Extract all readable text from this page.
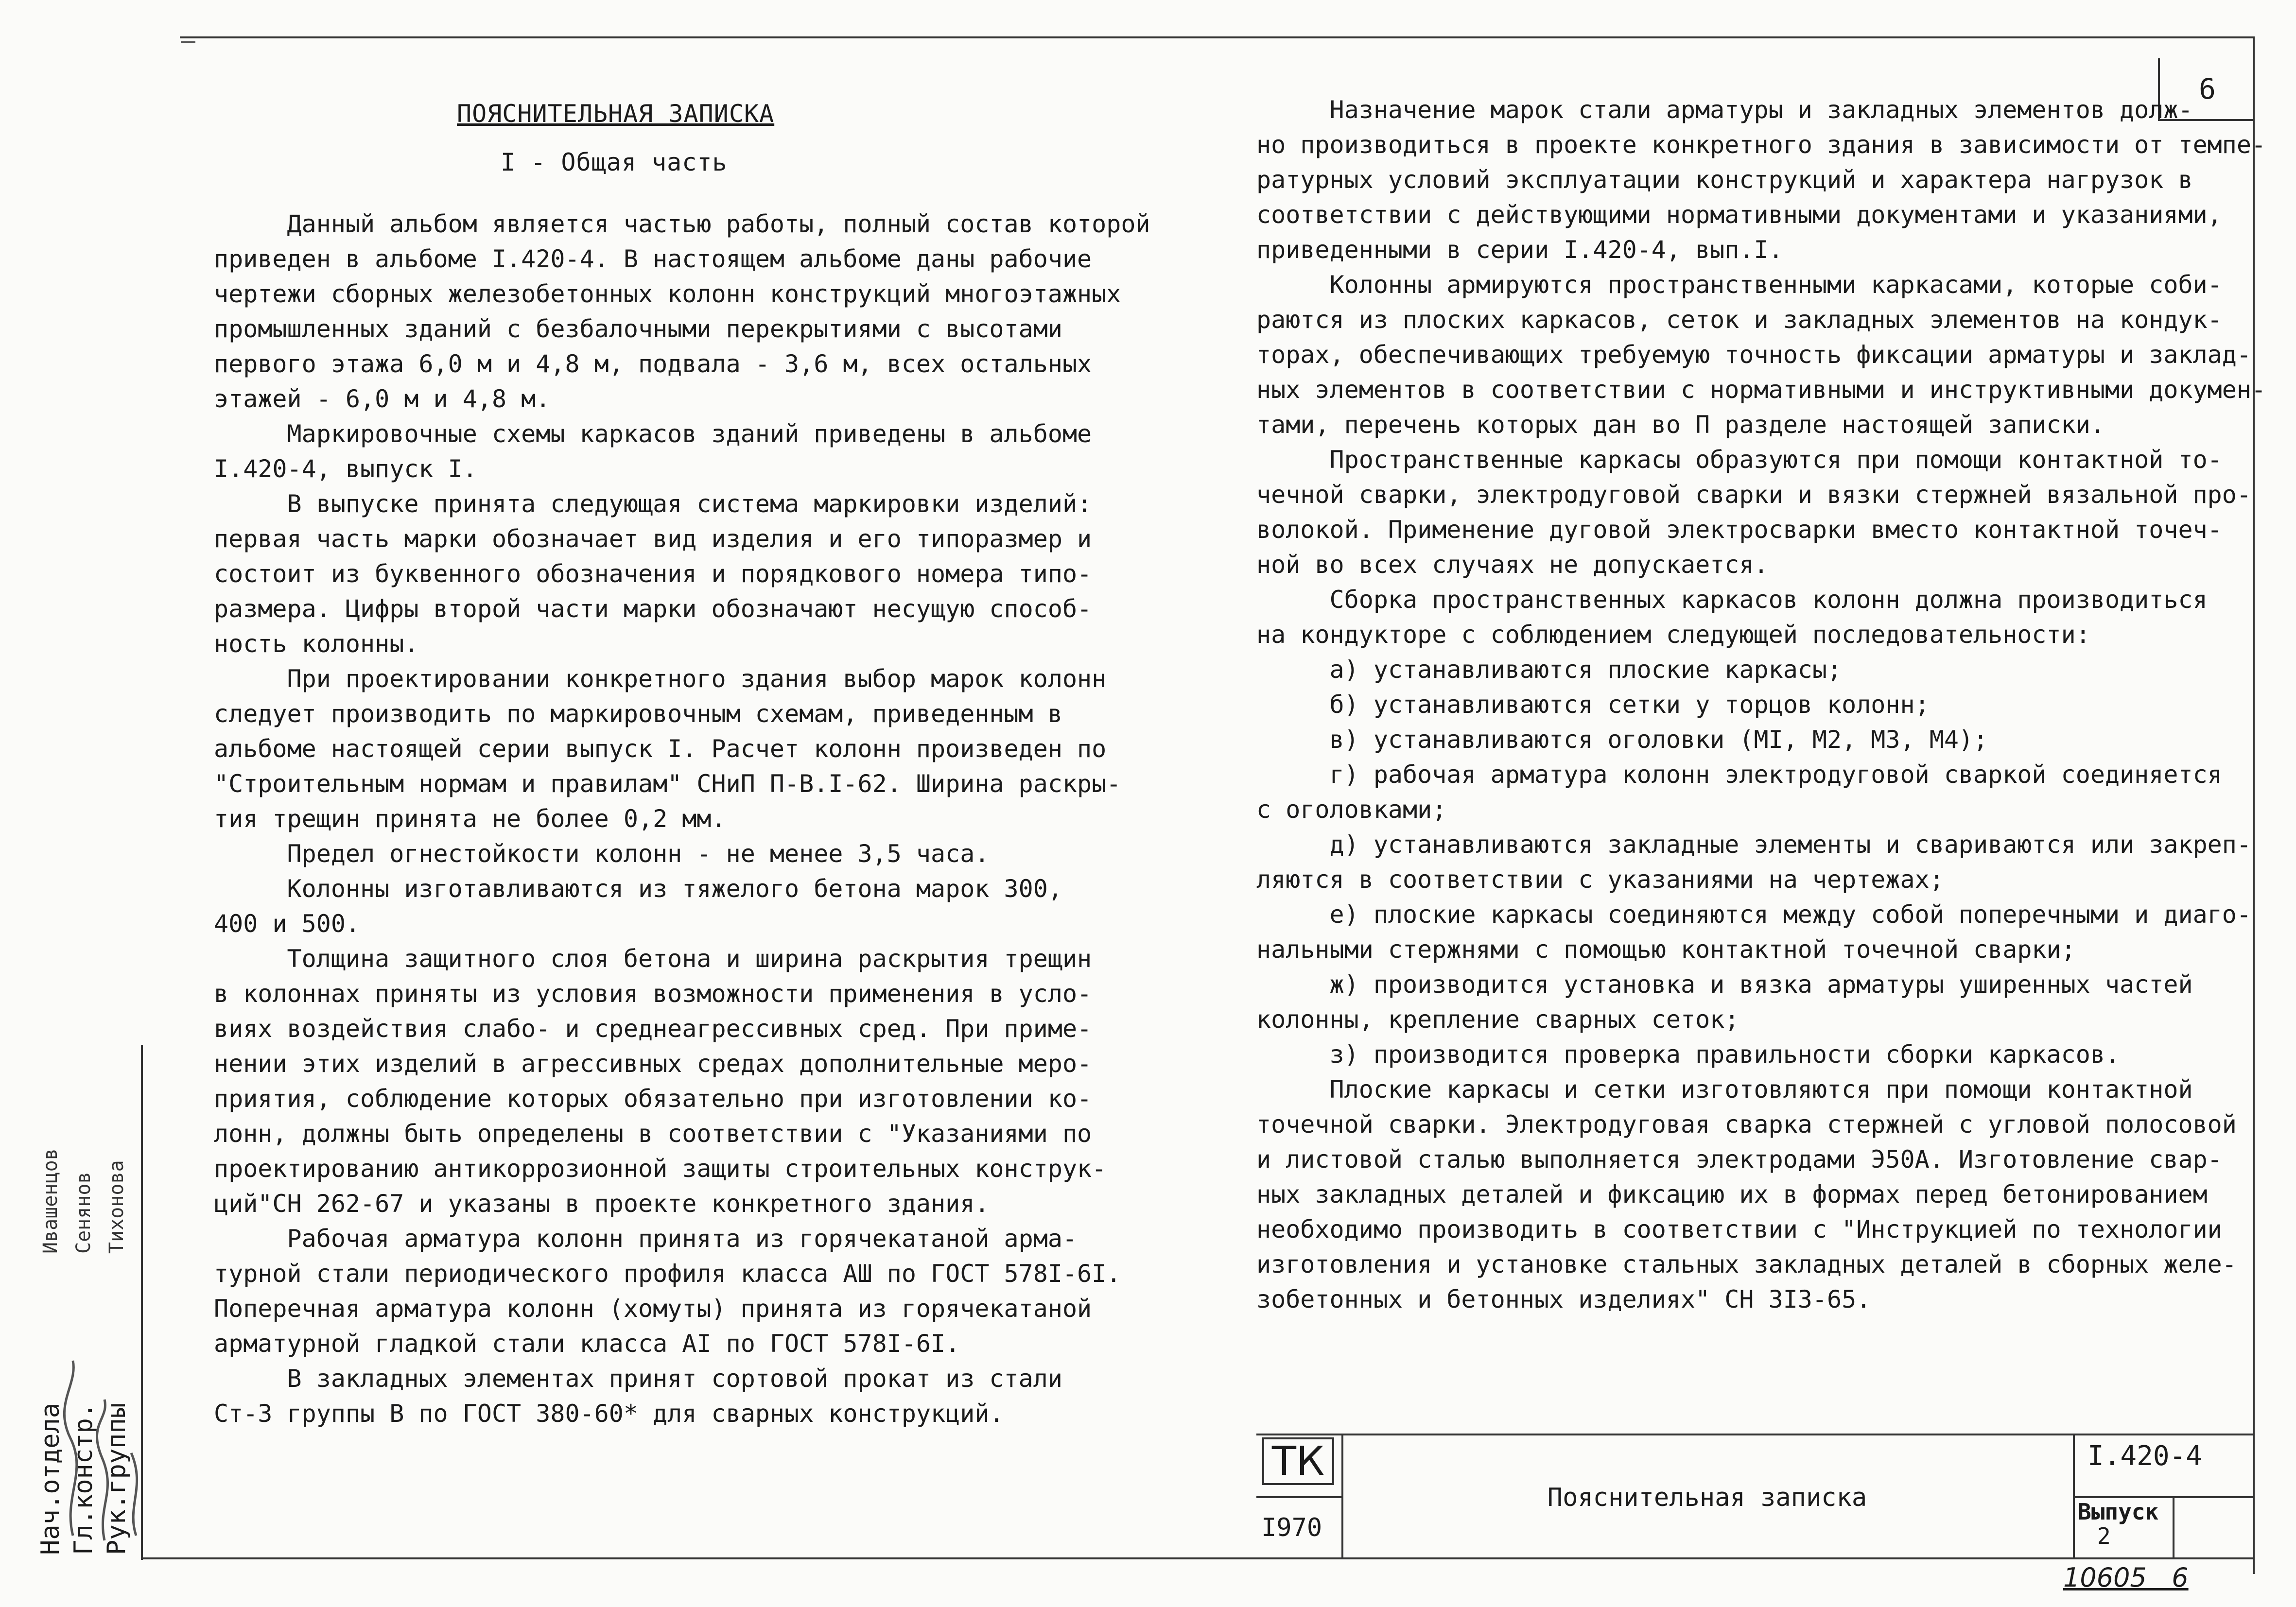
6
ПОЯСНИТЕЛЬНАЯ ЗАПИСКА
I - Общая часть

Данный альбом является частью работы, полный состав которой

приведен в альбоме I.420-4. В настоящем альбоме даны рабочие

чертежи сборных железобетонных колонн конструкций многоэтажных

промышленных зданий с безбалочными перекрытиями с высотами

первого этажа 6,0 м и 4,8 м, подвала - 3,6 м, всех остальных

этажей - 6,0 м и 4,8 м.

Маркировочные схемы каркасов зданий приведены в альбоме

I.420-4, выпуск I.

В выпуске принята следующая система маркировки изделий:

первая часть марки обозначает вид изделия и его типоразмер и

состоит из буквенного обозначения и порядкового номера типо-

размера. Цифры второй части марки обозначают несущую способ-

ность колонны.

При проектировании конкретного здания выбор марок колонн

следует производить по маркировочным схемам, приведенным в

альбоме настоящей серии выпуск I. Расчет колонн произведен по

"Строительным нормам и правилам" СНиП П-В.I-62. Ширина раскры-

тия трещин принята не более 0,2 мм.

Предел огнестойкости колонн - не менее 3,5 часа.

Колонны изготавливаются из тяжелого бетона марок 300,

400 и 500.

Толщина защитного слоя бетона и ширина раскрытия трещин

в колоннах приняты из условия возможности применения в усло-

виях воздействия слабо- и среднеагрессивных сред. При приме-

нении этих изделий в агрессивных средах дополнительные меро-

приятия, соблюдение которых обязательно при изготовлении ко-

лонн, должны быть определены в соответствии с "Указаниями по

проектированию антикоррозионной защиты строительных конструк-

ций"СН 262-67 и указаны в проекте конкретного здания.

Рабочая арматура колонн принята из горячекатаной арма-

турной стали периодического профиля класса АШ по ГОСТ 578I-6I.

Поперечная арматура колонн (хомуты) принята из горячекатаной

арматурной гладкой стали класса АI по ГОСТ 578I-6I.

В закладных элементах принят сортовой прокат из стали

Ст-3 группы В по ГОСТ 380-60* для сварных конструкций.

Назначение марок стали арматуры и закладных элементов долж-

но производиться в проекте конкретного здания в зависимости от темпе-

ратурных условий эксплуатации конструкций и характера нагрузок в

соответствии с действующими нормативными документами и указаниями,

приведенными в серии I.420-4, вып.I.

Колонны армируются пространственными каркасами, которые соби-

раются из плоских каркасов, сеток и закладных элементов на кондук-

торах, обеспечивающих требуемую точность фиксации арматуры и заклад-

ных элементов в соответствии с нормативными и инструктивными докумен-

тами, перечень которых дан во П разделе настоящей записки.

Пространственные каркасы образуются при помощи контактной то-

чечной сварки, электродуговой сварки и вязки стержней вязальной про-

волокой. Применение дуговой электросварки вместо контактной точеч-

ной во всех случаях не допускается.

Сборка пространственных каркасов колонн должна производиться

на кондукторе с соблюдением следующей последовательности:

а) устанавливаются плоские каркасы;

б) устанавливаются сетки у торцов колонн;

в) устанавливаются оголовки (МI, М2, М3, М4);

г) рабочая арматура колонн электродуговой сваркой соединяется

с оголовками;

д) устанавливаются закладные элементы и свариваются или закреп-

ляются в соответствии с указаниями на чертежах;

е) плоские каркасы соединяются между собой поперечными и диаго-

нальными стержнями с помощью контактной точечной сварки;

ж) производится установка и вязка арматуры уширенных частей

колонны, крепление сварных сеток;

з) производится проверка правильности сборки каркасов.

Плоские каркасы и сетки изготовляются при помощи контактной

точечной сварки. Электродуговая сварка стержней с угловой полосовой

и листовой сталью выполняется электродами Э50А. Изготовление свар-

ных закладных деталей и фиксацию их в формах перед бетонированием

необходимо производить в соответствии с "Инструкцией по технологии

изготовления и установке стальных закладных деталей в сборных желе-

зобетонных и бетонных изделиях" СН 3I3-65.

ТК
I970
Пояснительная записка
I.420-4
Выпуск
2
10605   6
Нач.отдела Гл.констр. Рук.группы
Ивашенцов Сенянов Тихонова
